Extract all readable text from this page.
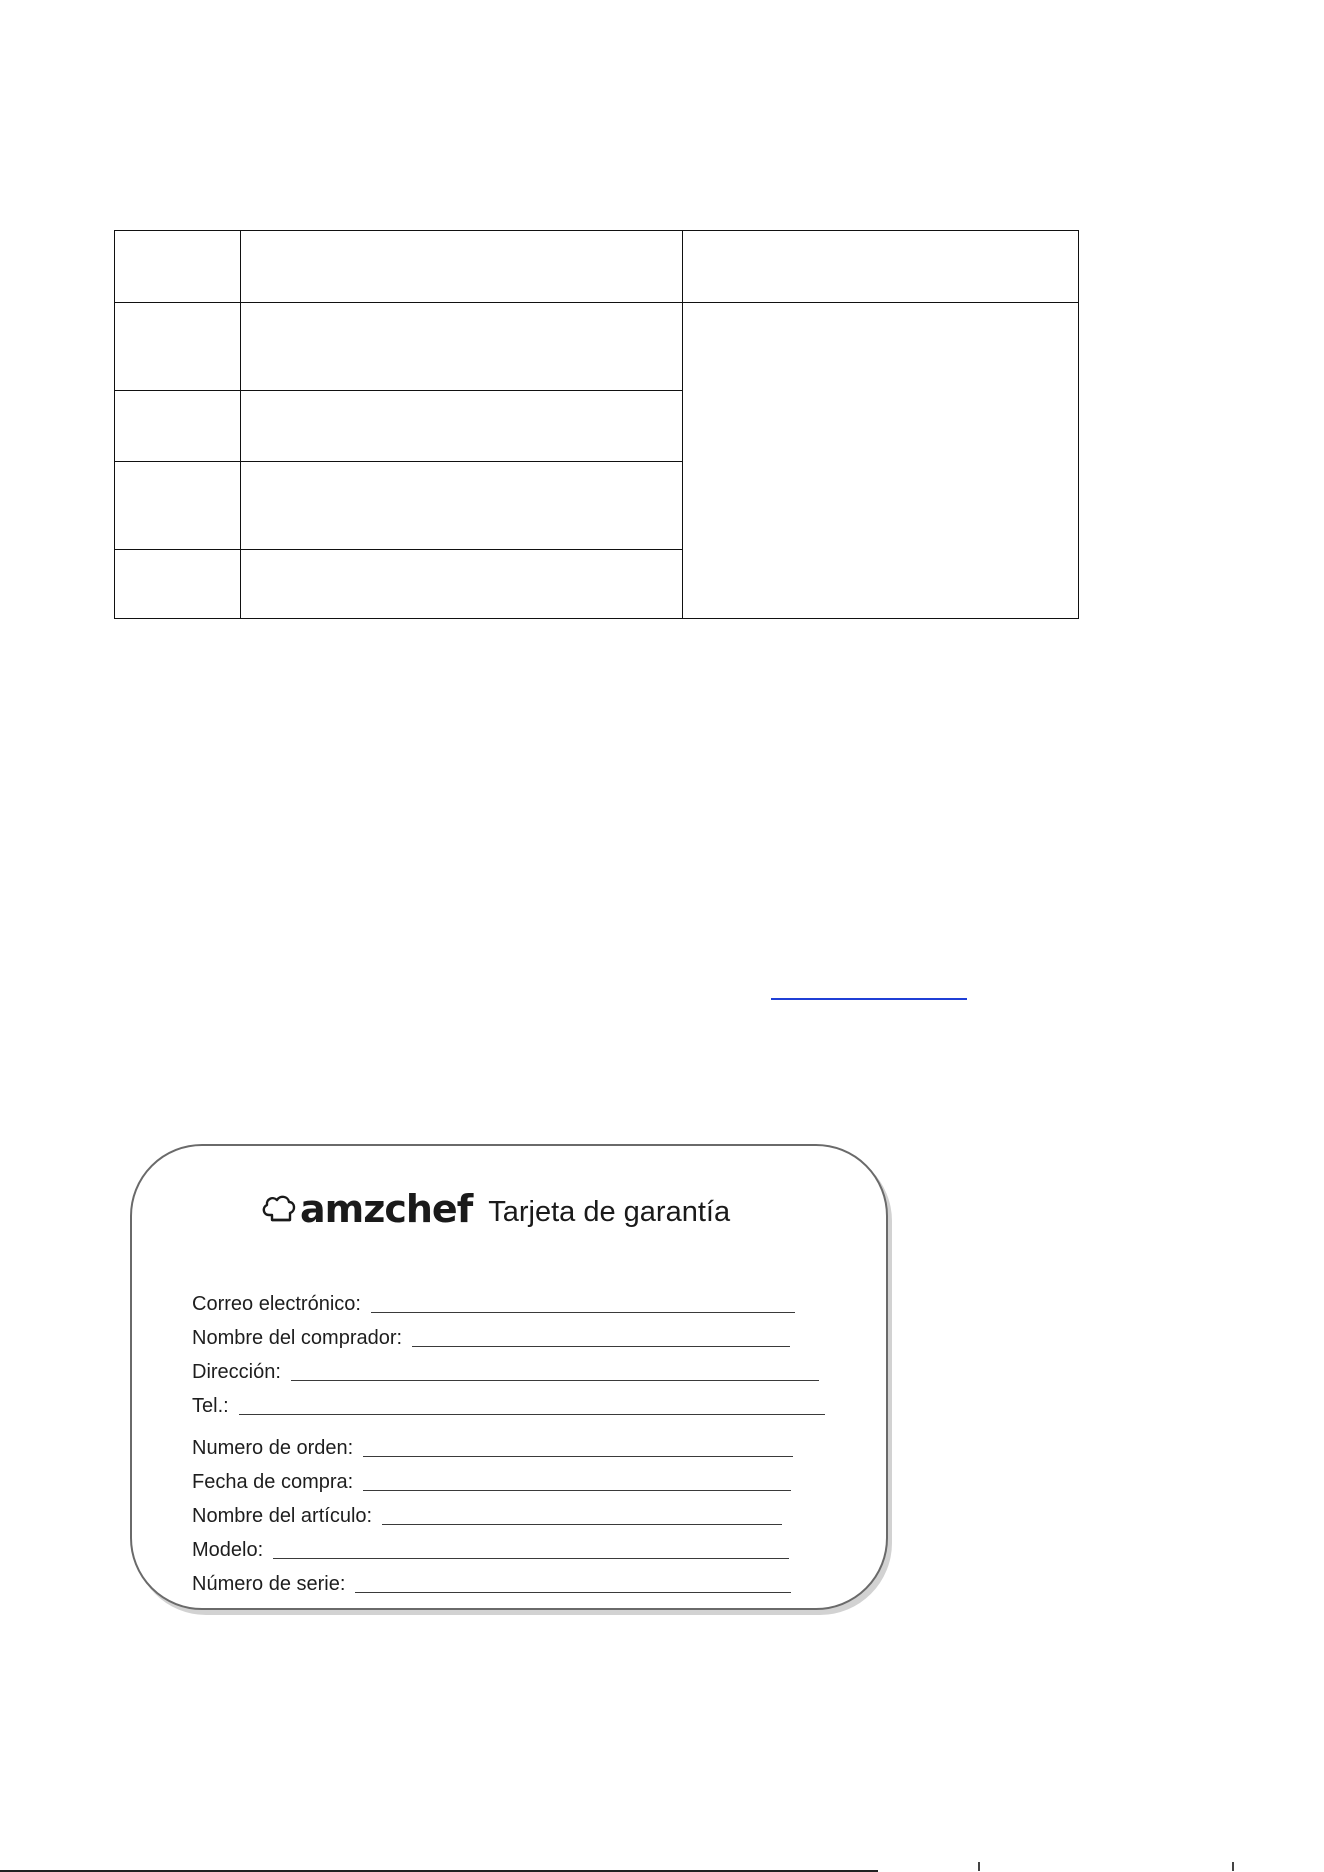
amzchef Tarjeta de garantía
Correo electrónico:
Nombre del comprador:
Dirección:
Tel.:
Numero de orden:
Fecha de compra:
Nombre del artículo:
Modelo:
Número de serie:
